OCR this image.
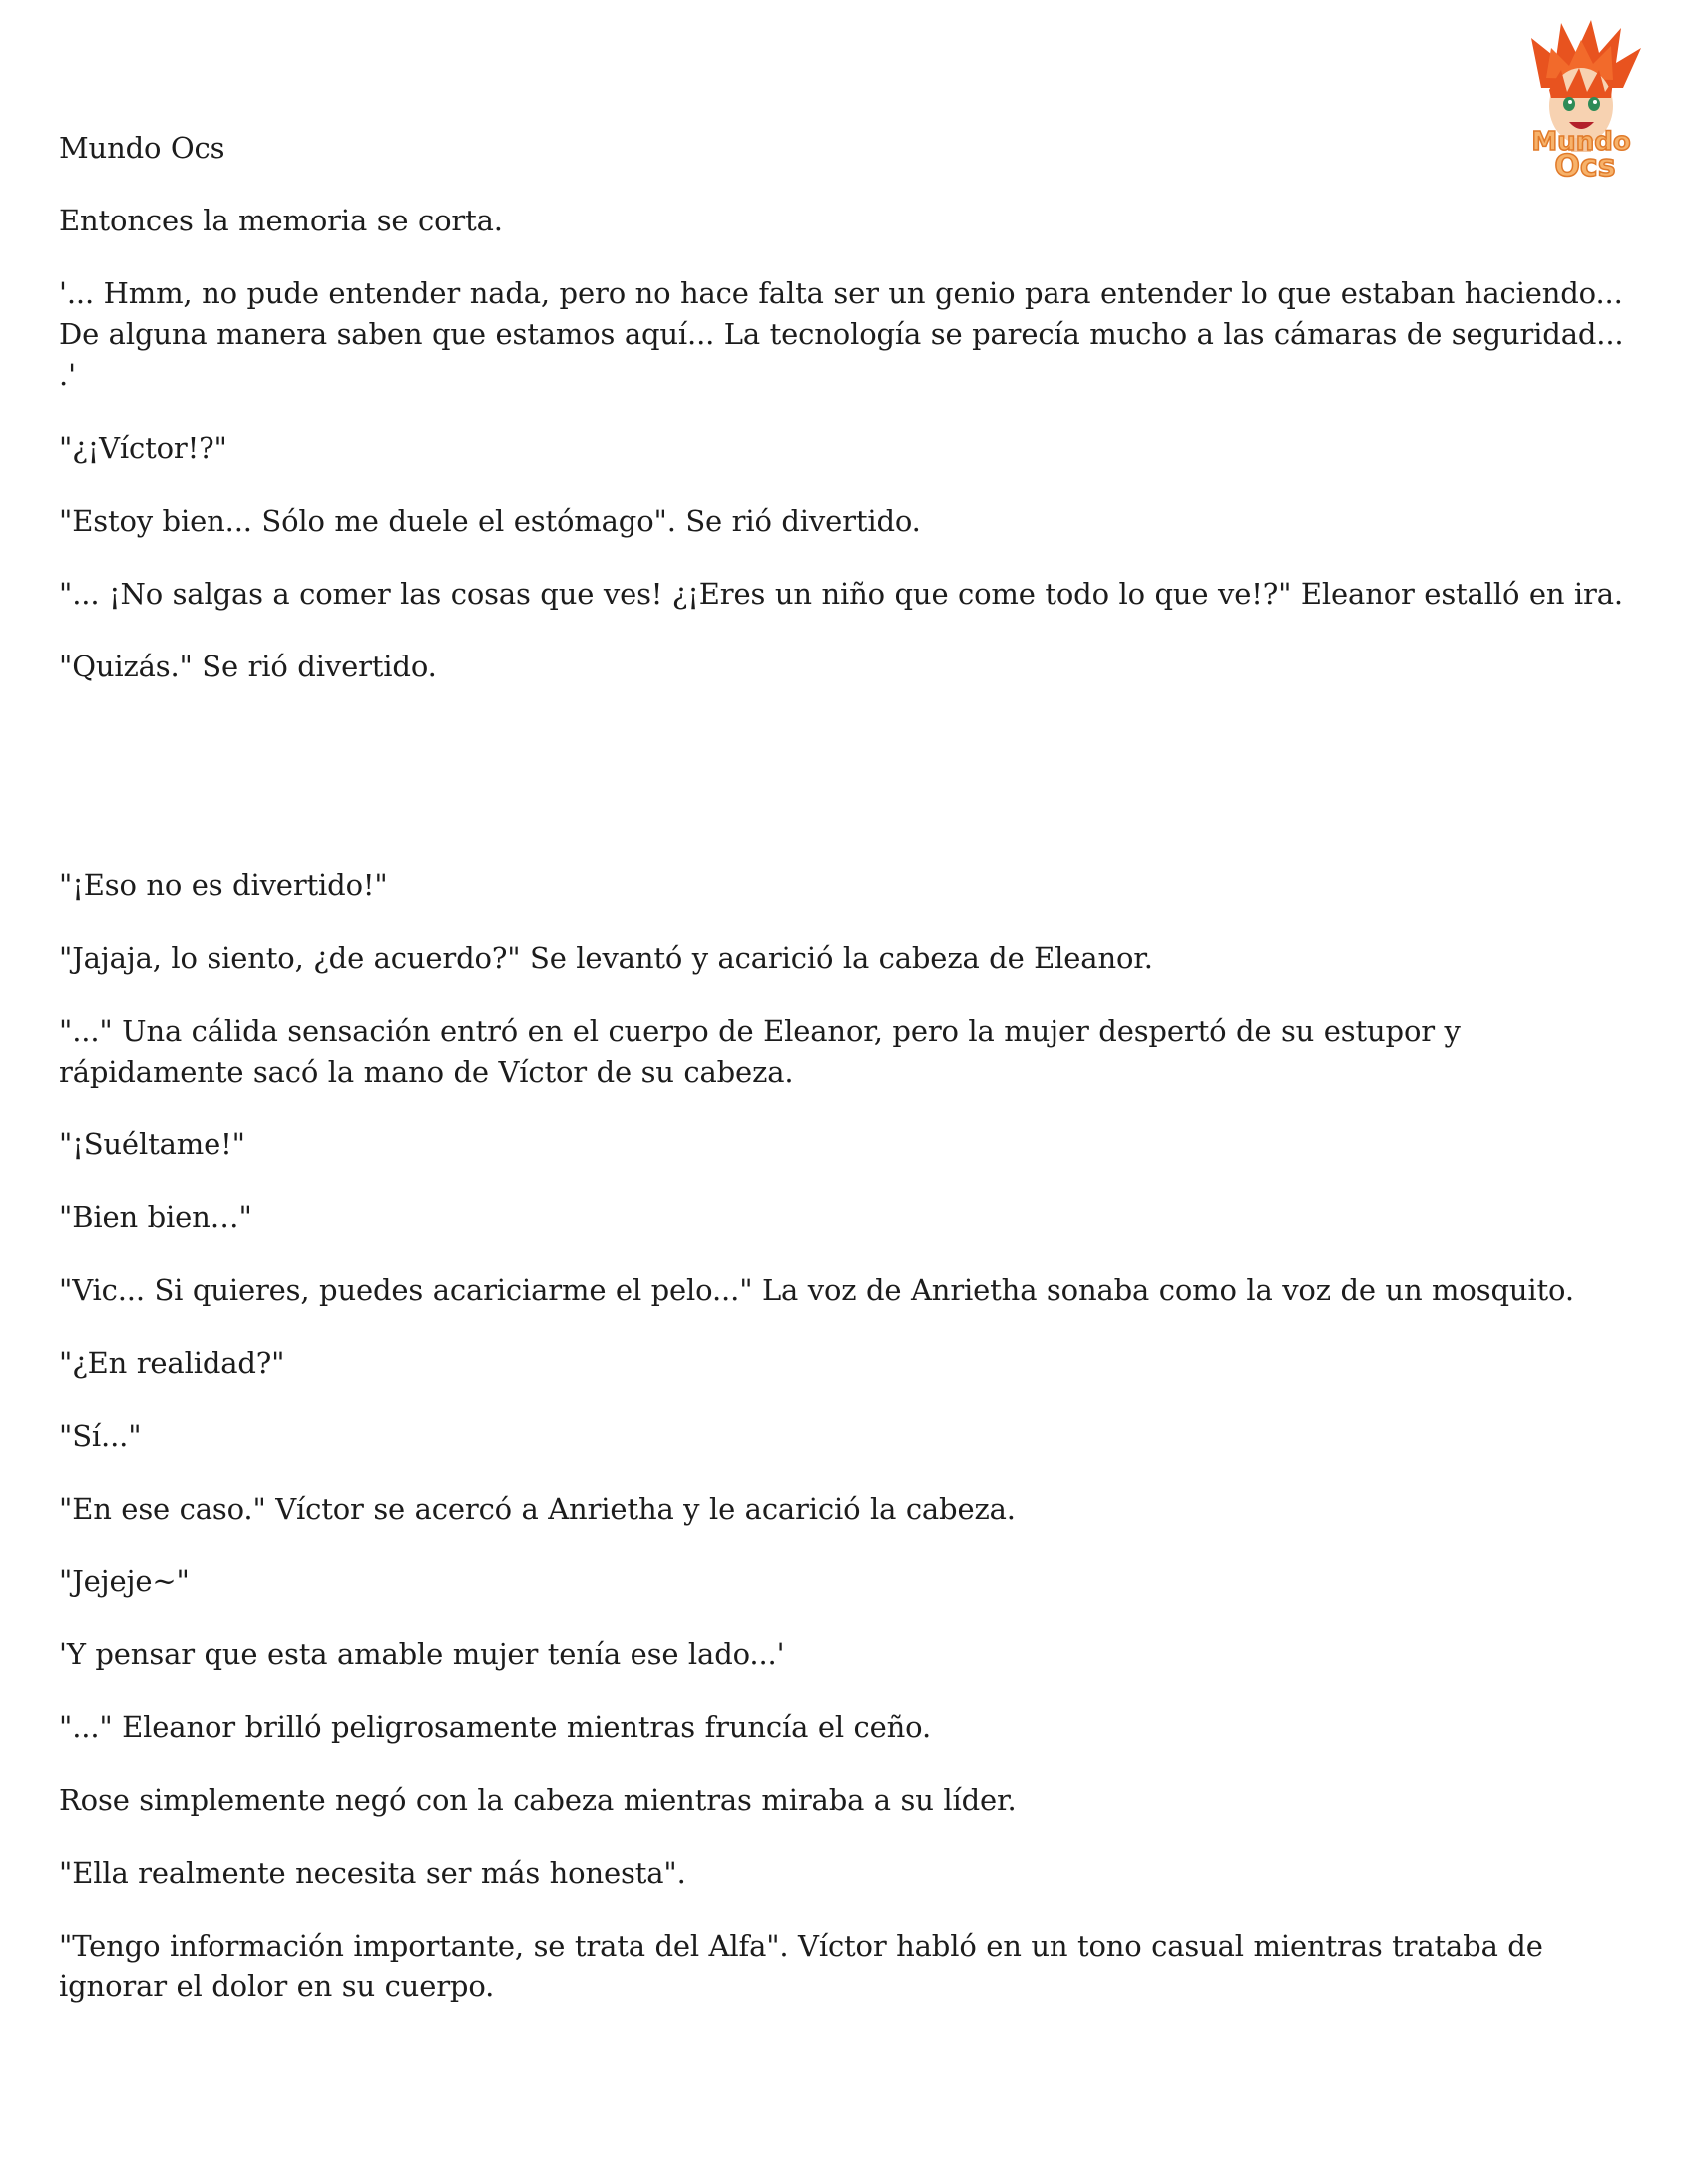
Mundo
Ocs

Mundo Ocs

Entonces la memoria se corta.

'... Hmm, no pude entender nada, pero no hace falta ser un genio para entender lo que estaban haciendo... De alguna manera saben que estamos aquí... La tecnología se parecía mucho a las cámaras de seguridad... .'

"¿¡Víctor!?"

"Estoy bien... Sólo me duele el estómago". Se rió divertido.

"... ¡No salgas a comer las cosas que ves! ¿¡Eres un niño que come todo lo que ve!?" Eleanor estalló en ira.

"Quizás." Se rió divertido.

"¡Eso no es divertido!"

"Jajaja, lo siento, ¿de acuerdo?" Se levantó y acarició la cabeza de Eleanor.

"..." Una cálida sensación entró en el cuerpo de Eleanor, pero la mujer despertó de su estupor y rápidamente sacó la mano de Víctor de su cabeza.

"¡Suéltame!"

"Bien bien…"

"Vic... Si quieres, puedes acariciarme el pelo..." La voz de Anrietha sonaba como la voz de un mosquito.

"¿En realidad?"

"Sí..."

"En ese caso." Víctor se acercó a Anrietha y le acarició la cabeza.

"Jejeje~"

'Y pensar que esta amable mujer tenía ese lado...'

"..." Eleanor brilló peligrosamente mientras fruncía el ceño.

Rose simplemente negó con la cabeza mientras miraba a su líder.

"Ella realmente necesita ser más honesta".

"Tengo información importante, se trata del Alfa". Víctor habló en un tono casual mientras trataba de ignorar el dolor en su cuerpo.
